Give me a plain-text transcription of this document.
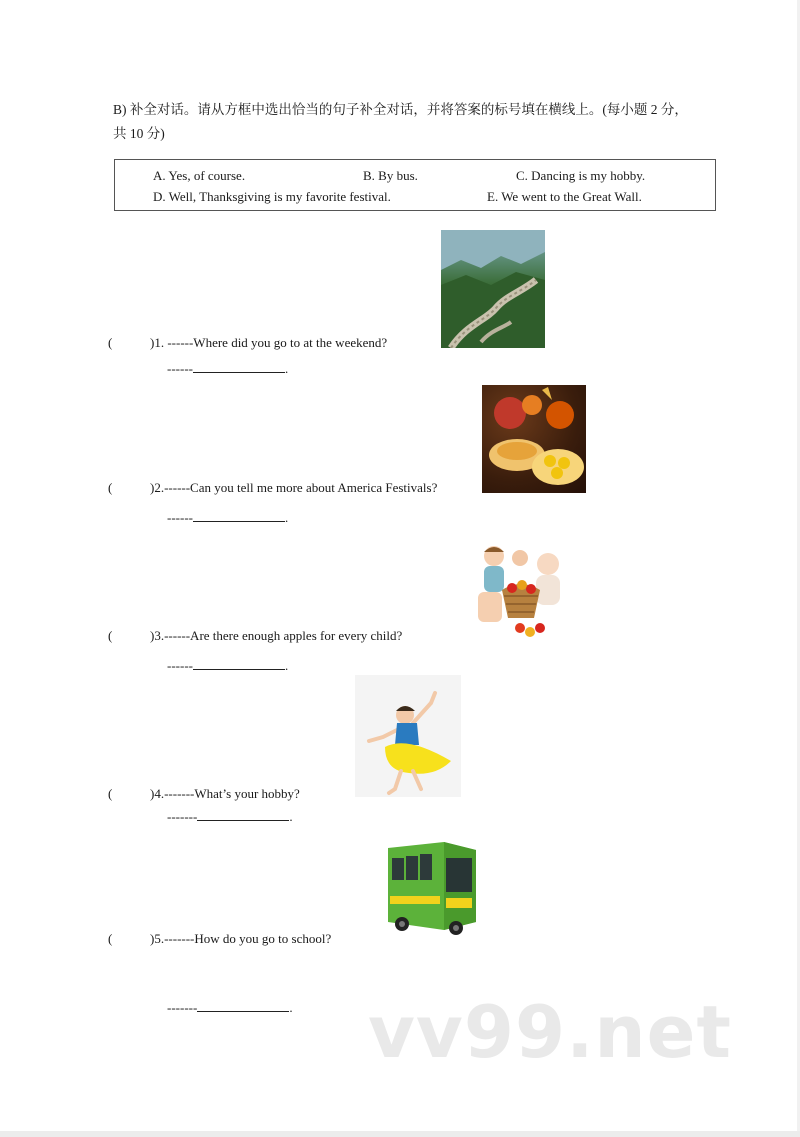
B) 补全对话。请从方框中选出恰当的句子补全对话，并将答案的标号填在横线上。(每小题 2 分，共 10 分)
A. Yes, of course.	B. By bus.	C. Dancing is my hobby.
D. Well, Thanksgiving is my favorite festival.	E. We went to the Great Wall.
(	)1. ------Where did you go to at the weekend?
------	.
(	)2.------Can you tell me more about America Festivals?
------	.
(	)3.------Are there enough apples for every child?
------	.
(	)4.-------What’s your hobby?
-------	.
(	)5.-------How do you go to school?
-------	. vv99.net
